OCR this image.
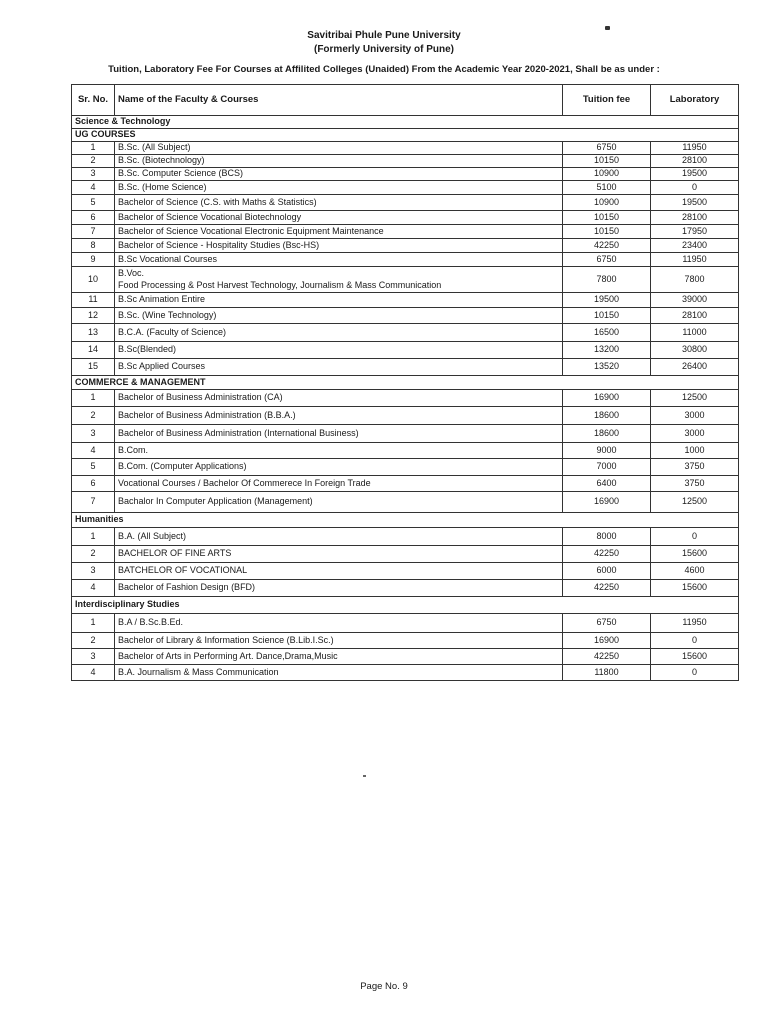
Savitribai Phule Pune University
(Formerly University of Pune)
Tuition, Laboratory Fee For Courses at Affilited Colleges (Unaided) From the Academic Year 2020-2021, Shall be as under :
Sr. No.	Name of the Faculty & Courses	Tuition fee	Laboratory
Science & Technology			
UG COURSES			
1	B.Sc. (All Subject)	6750	11950
2	B.Sc. (Biotechnology)	10150	28100
3	B.Sc. Computer Science (BCS)	10900	19500
4	B.Sc. (Home Science)	5100	0
5	Bachelor of Science (C.S. with Maths & Statistics)	10900	19500
6	Bachelor of Science Vocational Biotechnology	10150	28100
7	Bachelor of Science Vocational Electronic Equipment Maintenance	10150	17950
8	Bachelor of Science - Hospitality Studies (Bsc-HS)	42250	23400
9	B.Sc Vocational Courses	6750	11950
10	B.Voc.
Food Processing & Post Harvest Technology, Journalism & Mass Communication	7800	7800
11	B.Sc Animation Entire	19500	39000
12	B.Sc. (Wine Technology)	10150	28100
13	B.C.A. (Faculty of Science)	16500	11000
14	B.Sc(Blended)	13200	30800
15	B.Sc Applied Courses	13520	26400
COMMERCE & MANAGEMENT			
1	Bachelor of Business Administration (CA)	16900	12500
2	Bachelor of Business Administration (B.B.A.)	18600	3000
3	Bachelor of Business Administration (International Business)	18600	3000
4	B.Com.	9000	1000
5	B.Com. (Computer Applications)	7000	3750
6	Vocational Courses / Bachelor Of Commerece In Foreign Trade	6400	3750
7	Bachalor In Computer Application (Management)	16900	12500
Humanities			
1	B.A. (All Subject)	8000	0
2	BACHELOR OF FINE ARTS	42250	15600
3	BATCHELOR OF VOCATIONAL	6000	4600
4	Bachelor of Fashion Design (BFD)	42250	15600
Interdisciplinary Studies			
1	B.A / B.Sc.B.Ed.	6750	11950
2	Bachelor of Library & Information Science (B.Lib.I.Sc.)	16900	0
3	Bachelor of Arts in Performing Art. Dance,Drama,Music	42250	15600
4	B.A. Journalism & Mass Communication	11800	0
Page No. 9
